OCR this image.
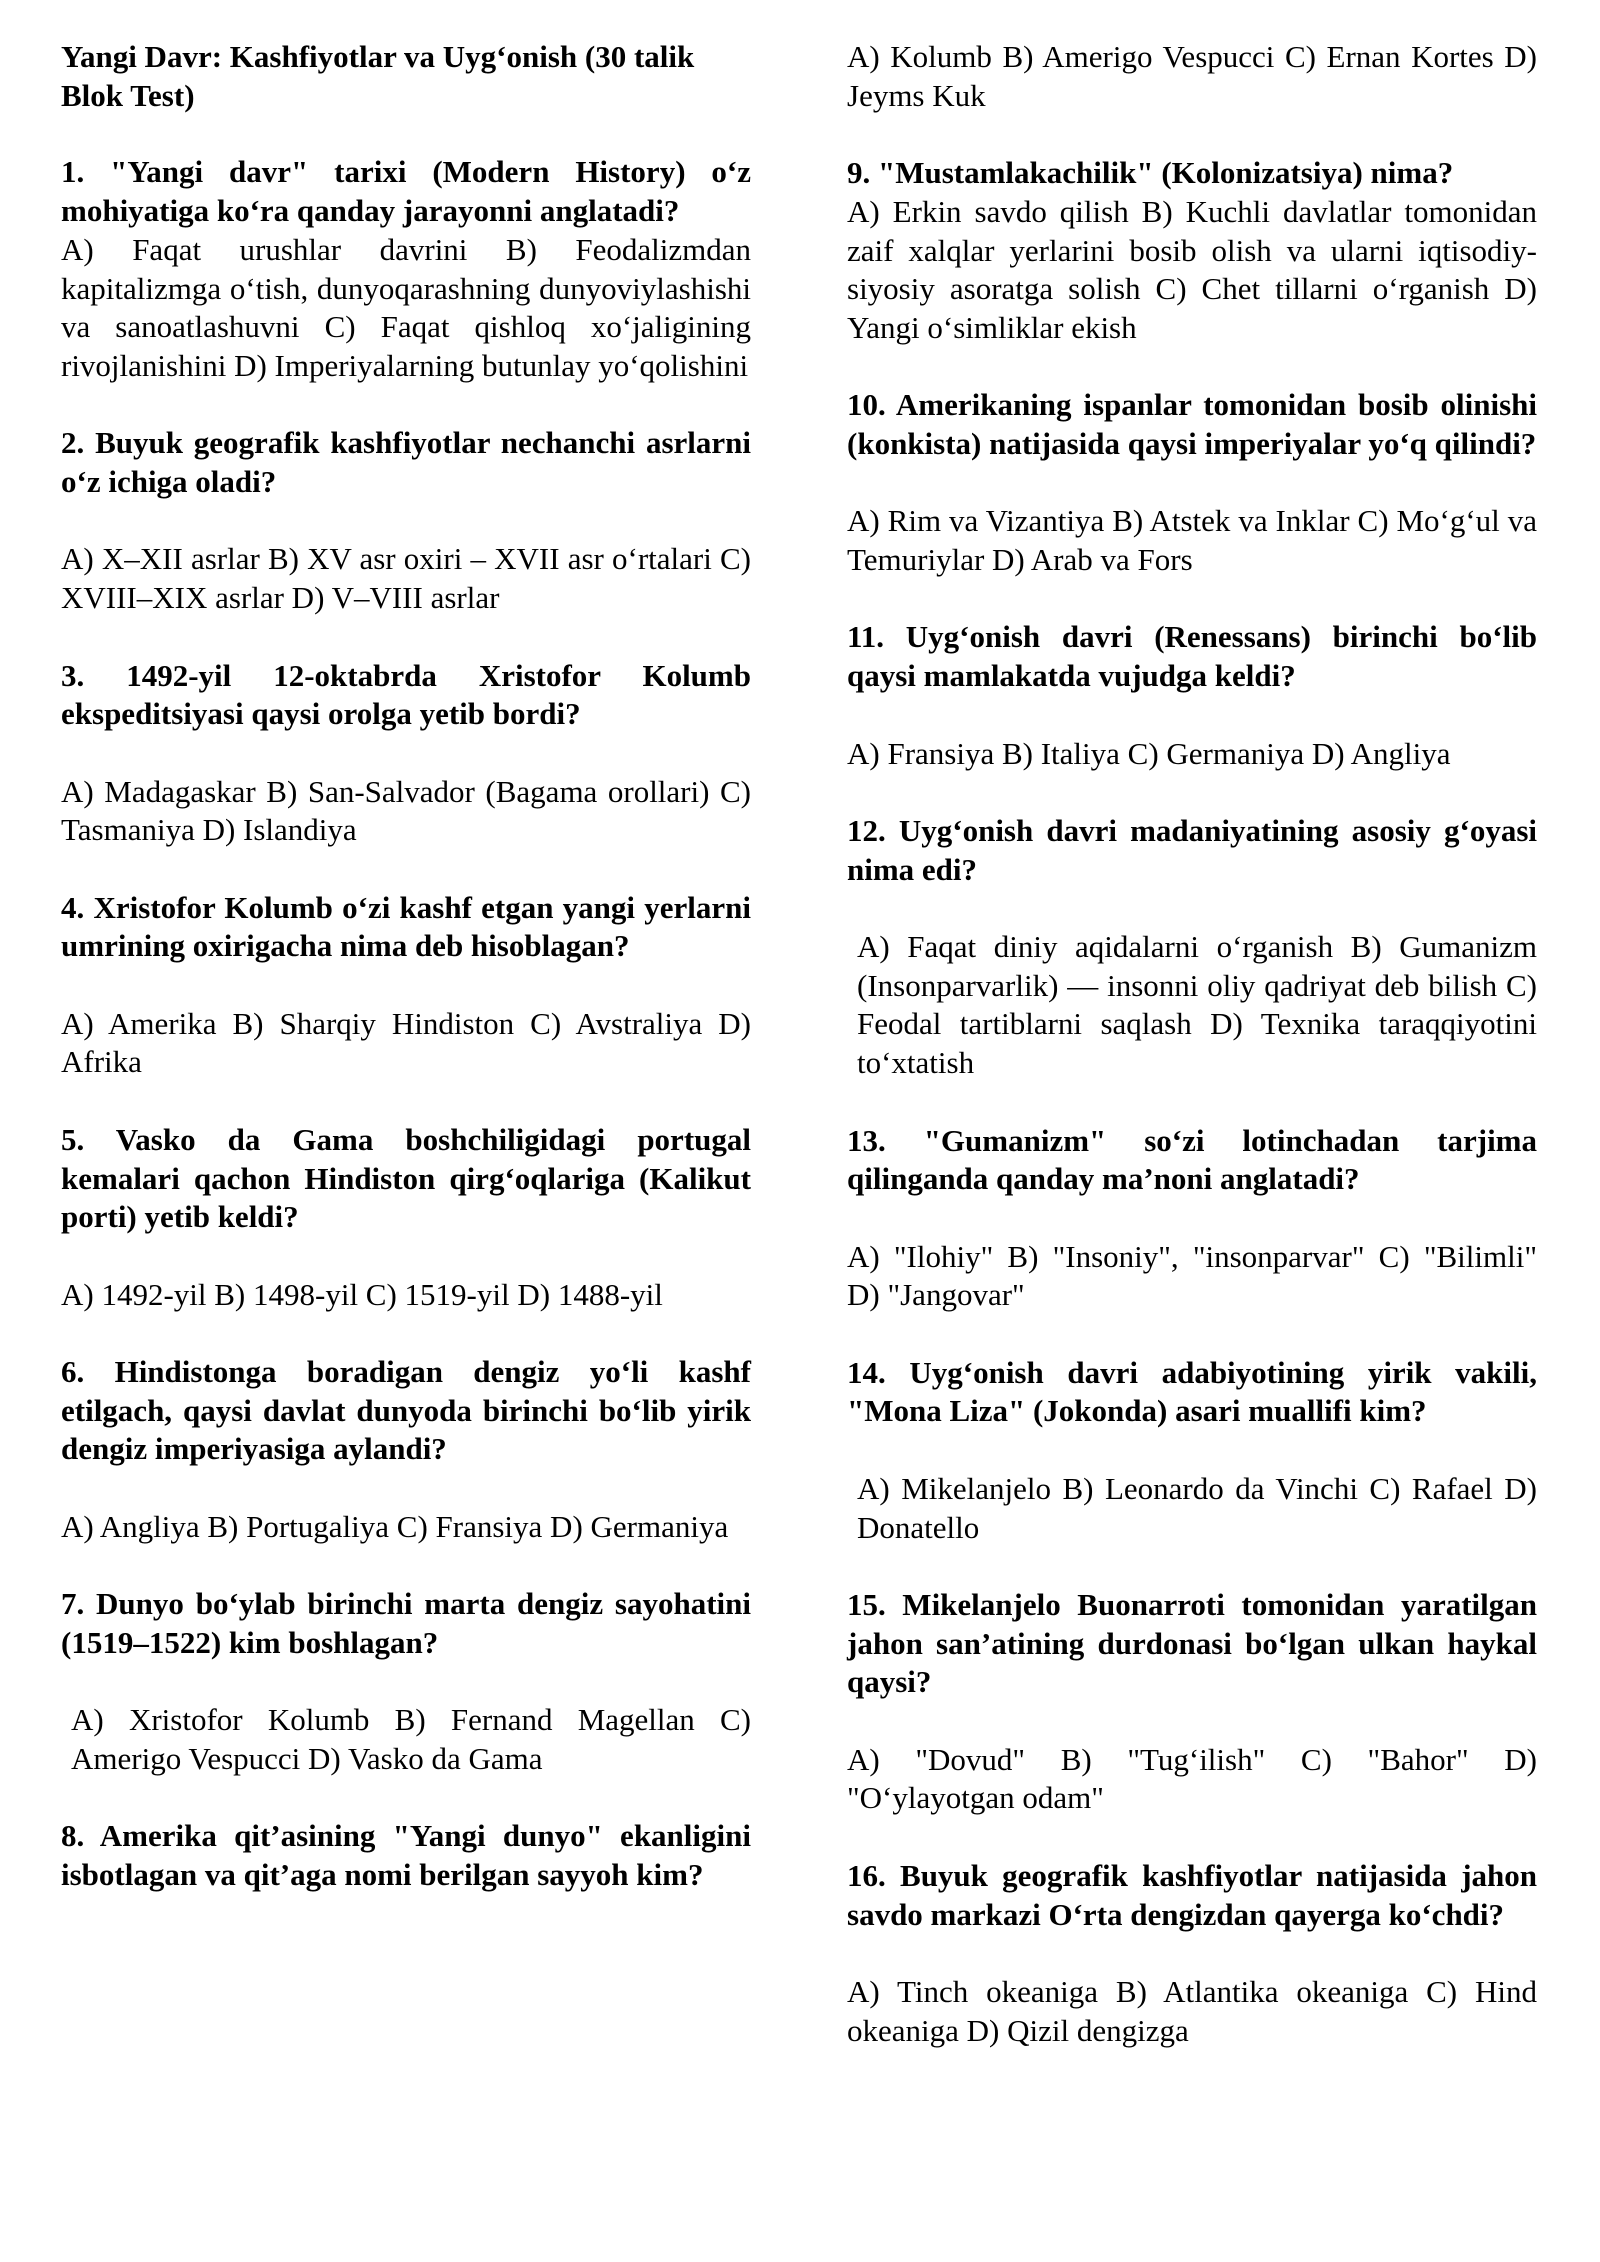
Yangi Davr: Kashfiyotlar va Uyg‘onish (30 talik Blok Test)

1. "Yangi davr" tarixi (Modern History) o‘z mohiyatiga ko‘ra qanday jarayonni anglatadi?

A) Faqat urushlar davrini B) Feodalizmdan kapitalizmga o‘tish, dunyoqarashning dunyoviylashishi va sanoatlashuvni C) Faqat qishloq xo‘jaligining rivojlanishini D) Imperiyalarning butunlay yo‘qolishini

2. Buyuk geografik kashfiyotlar nechanchi asrlarni o‘z ichiga oladi?

A) X–XII asrlar B) XV asr oxiri – XVII asr o‘rtalari C) XVIII–XIX asrlar D) V–VIII asrlar

3. 1492-yil 12-oktabrda Xristofor Kolumb ekspeditsiyasi qaysi orolga yetib bordi?

A) Madagaskar B) San-Salvador (Bagama orollari) C) Tasmaniya D) Islandiya

4. Xristofor Kolumb o‘zi kashf etgan yangi yerlarni umrining oxirigacha nima deb hisoblagan?

A) Amerika B) Sharqiy Hindiston C) Avstraliya D) Afrika

5. Vasko da Gama boshchiligidagi portugal kemalari qachon Hindiston qirg‘oqlariga (Kalikut porti) yetib keldi?

A) 1492-yil B) 1498-yil C) 1519-yil D) 1488-yil

6. Hindistonga boradigan dengiz yo‘li kashf etilgach, qaysi davlat dunyoda birinchi bo‘lib yirik dengiz imperiyasiga aylandi?

A) Angliya B) Portugaliya C) Fransiya D) Germaniya

7. Dunyo bo‘ylab birinchi marta dengiz sayohatini (1519–1522) kim boshlagan?

A) Xristofor Kolumb B) Fernand Magellan C) Amerigo Vespucci D) Vasko da Gama

8. Amerika qit’asining "Yangi dunyo" ekanligini isbotlagan va qit’aga nomi berilgan sayyoh kim?

A) Kolumb B) Amerigo Vespucci C) Ernan Kortes D) Jeyms Kuk

9. "Mustamlakachilik" (Kolonizatsiya) nima?

A) Erkin savdo qilish B) Kuchli davlatlar tomonidan zaif xalqlar yerlarini bosib olish va ularni iqtisodiy-siyosiy asoratga solish C) Chet tillarni o‘rganish D) Yangi o‘simliklar ekish

10. Amerikaning ispanlar tomonidan bosib olinishi (konkista) natijasida qaysi imperiyalar yo‘q qilindi?

A) Rim va Vizantiya B) Atstek va Inklar C) Mo‘g‘ul va Temuriylar D) Arab va Fors

11. Uyg‘onish davri (Renessans) birinchi bo‘lib qaysi mamlakatda vujudga keldi?

A) Fransiya B) Italiya C) Germaniya D) Angliya

12. Uyg‘onish davri madaniyatining asosiy g‘oyasi nima edi?

A) Faqat diniy aqidalarni o‘rganish B) Gumanizm (Insonparvarlik) — insonni oliy qadriyat deb bilish C) Feodal tartiblarni saqlash D) Texnika taraqqiyotini to‘xtatish

13. "Gumanizm" so‘zi lotinchadan tarjima qilinganda qanday ma’noni anglatadi?

A) "Ilohiy" B) "Insoniy", "insonparvar" C) "Bilimli" D) "Jangovar"

14. Uyg‘onish davri adabiyotining yirik vakili, "Mona Liza" (Jokonda) asari muallifi kim?

A) Mikelanjelo B) Leonardo da Vinchi C) Rafael D) Donatello

15. Mikelanjelo Buonarroti tomonidan yaratilgan jahon san’atining durdonasi bo‘lgan ulkan haykal qaysi?

A) "Dovud" B) "Tug‘ilish" C) "Bahor" D) "O‘ylayotgan odam"

16. Buyuk geografik kashfiyotlar natijasida jahon savdo markazi O‘rta dengizdan qayerga ko‘chdi?

A) Tinch okeaniga B) Atlantika okeaniga C) Hind okeaniga D) Qizil dengizga
